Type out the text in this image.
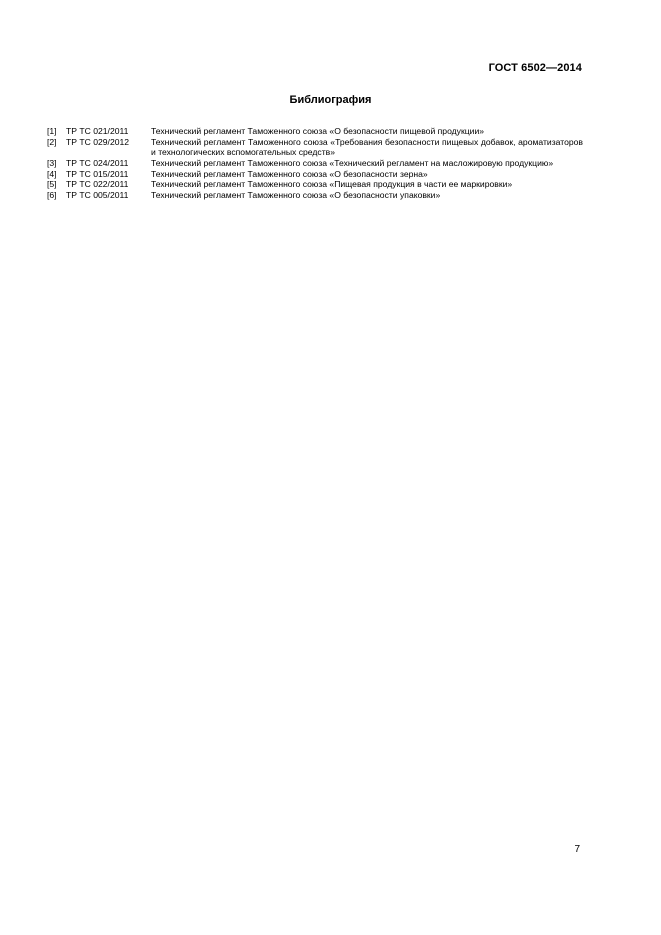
ГОСТ 6502—2014
Библиография
[1]	ТР ТС 021/2011	Технический регламент Таможенного союза «О безопасности пищевой продукции»
[2]	ТР ТС 029/2012	Технический регламент Таможенного союза «Требования безопасности пищевых добавок, ароматизаторов и технологических вспомогательных средств»
[3]	ТР ТС 024/2011	Технический регламент Таможенного союза «Технический регламент на масложировую продукцию»
[4]	ТР ТС 015/2011	Технический регламент Таможенного союза «О безопасности зерна»
[5]	ТР ТС 022/2011	Технический регламент Таможенного союза «Пищевая продукция в части ее маркировки»
[6]	ТР ТС 005/2011	Технический регламент Таможенного союза «О безопасности упаковки»
7
